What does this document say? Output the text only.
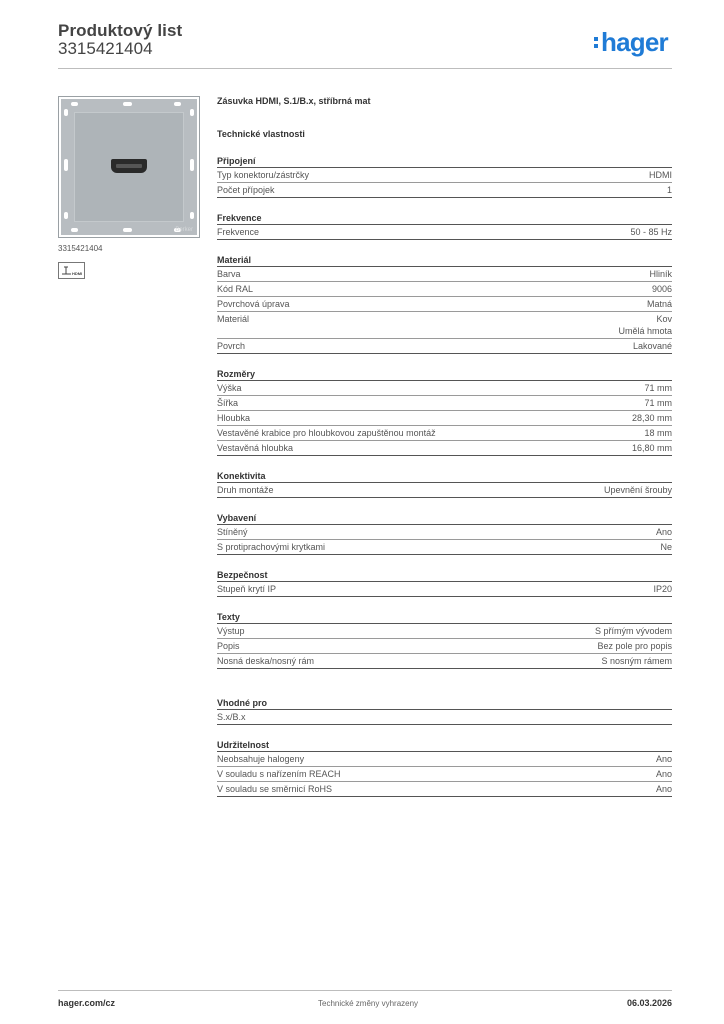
Produktový list
3315421404	hager
Berker
3315421404
HDMI
Zásuvka HDMI, S.1/B.x, stříbrná mat
Technické vlastnosti
Připojení
Typ konektoru/zástrčky	HDMI
Počet přípojek	1
Frekvence
Frekvence	50 - 85 Hz
Materiál
Barva	Hliník
Kód RAL	9006
Povrchová úprava	Matná
Materiál	Kov
Umělá hmota
Povrch	Lakované
Rozměry
Výška	71 mm
Šířka	71 mm
Hloubka	28,30 mm
Vestavěné krabice pro hloubkovou zapuštěnou montáž	18 mm
Vestavěná hloubka	16,80 mm
Konektivita
Druh montáže	Upevnění šrouby
Vybavení
Stíněný	Ano
S protiprachovými krytkami	Ne
Bezpečnost
Stupeň krytí IP	IP20
Texty
Výstup	S přímým vývodem
Popis	Bez pole pro popis
Nosná deska/nosný rám	S nosným rámem
Vhodné pro
S.x/B.x
Udržitelnost
Neobsahuje halogeny	Ano
V souladu s nařízením REACH	Ano
V souladu se směrnicí RoHS	Ano
hager.com/cz	Technické změny vyhrazeny	06.03.2026
